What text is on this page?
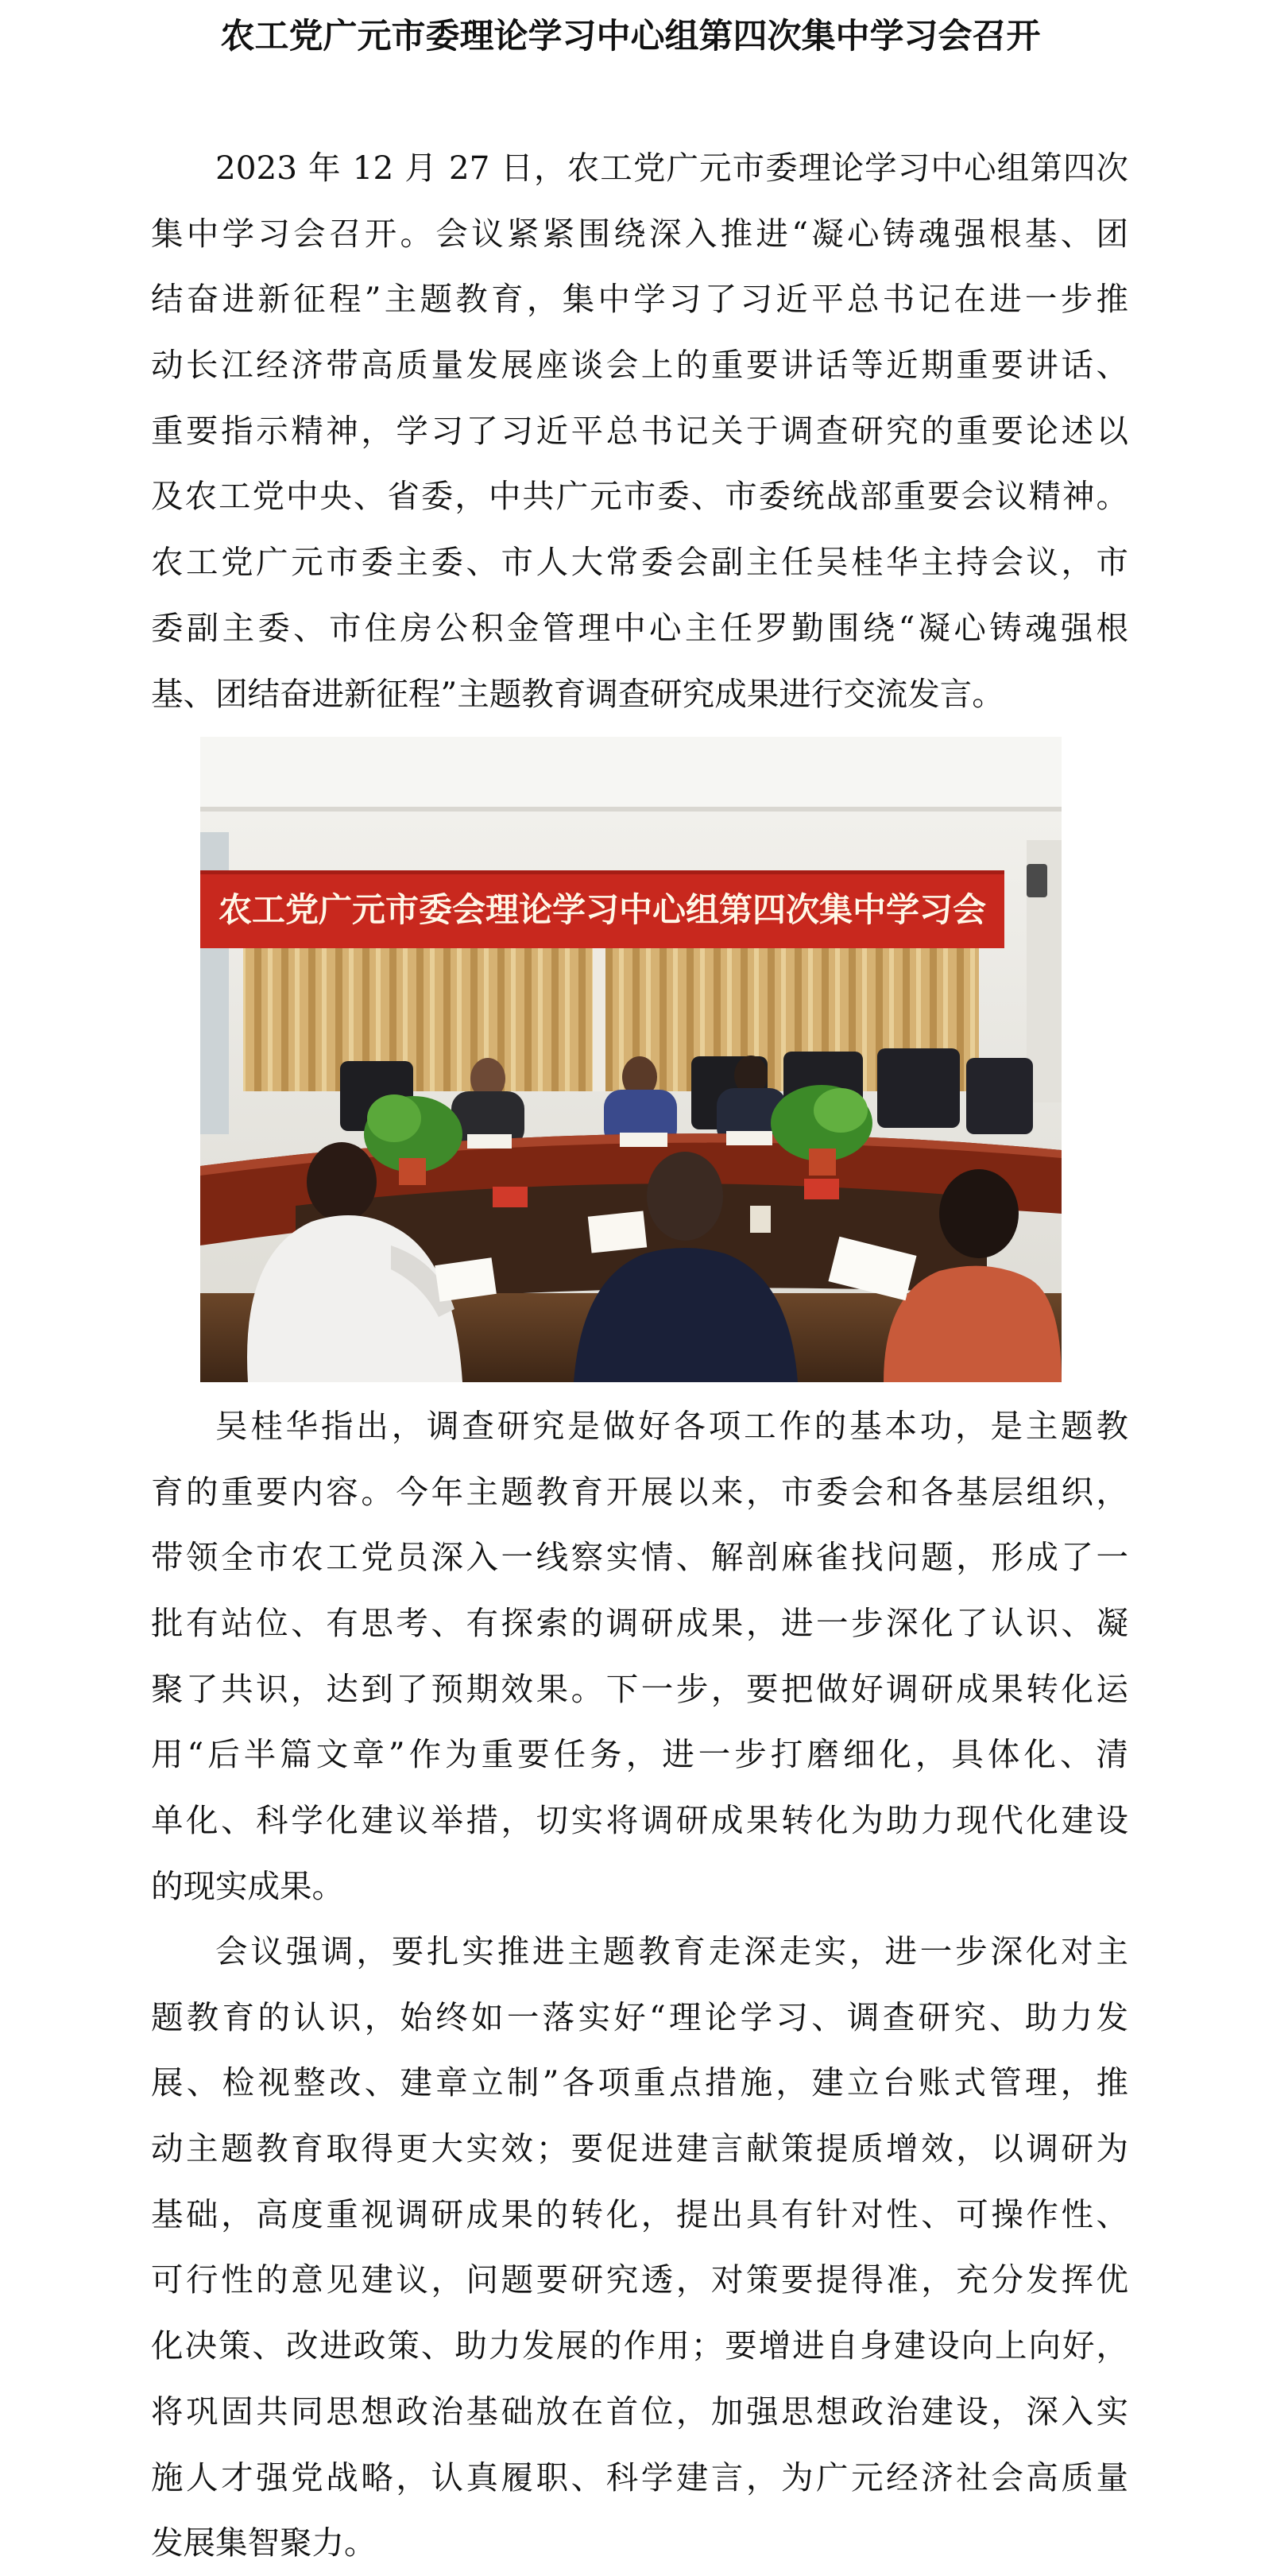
农工党广元市委理论学习中心组第四次集中学习会召开
2023 年 12 月 27 日，农工党广元市委理论学习中心组第四次
集中学习会召开。会议紧紧围绕深入推进“凝心铸魂强根基、团
结奋进新征程”主题教育，集中学习了习近平总书记在进一步推
动长江经济带高质量发展座谈会上的重要讲话等近期重要讲话、
重要指示精神，学习了习近平总书记关于调查研究的重要论述以
及农工党中央、省委，中共广元市委、市委统战部重要会议精神。
农工党广元市委主委、市人大常委会副主任吴桂华主持会议，市
委副主委、市住房公积金管理中心主任罗勤围绕“凝心铸魂强根
基、团结奋进新征程”主题教育调查研究成果进行交流发言。
农工党广元市委会理论学习中心组第四次集中学习会
吴桂华指出，调查研究是做好各项工作的基本功，是主题教
育的重要内容。今年主题教育开展以来，市委会和各基层组织，
带领全市农工党员深入一线察实情、解剖麻雀找问题，形成了一
批有站位、有思考、有探索的调研成果，进一步深化了认识、凝
聚了共识，达到了预期效果。下一步，要把做好调研成果转化运
用“后半篇文章”作为重要任务，进一步打磨细化，具体化、清
单化、科学化建议举措，切实将调研成果转化为助力现代化建设
的现实成果。
会议强调，要扎实推进主题教育走深走实，进一步深化对主
题教育的认识，始终如一落实好“理论学习、调查研究、助力发
展、检视整改、建章立制”各项重点措施，建立台账式管理，推
动主题教育取得更大实效；要促进建言献策提质增效，以调研为
基础，高度重视调研成果的转化，提出具有针对性、可操作性、
可行性的意见建议，问题要研究透，对策要提得准，充分发挥优
化决策、改进政策、助力发展的作用；要增进自身建设向上向好，
将巩固共同思想政治基础放在首位，加强思想政治建设，深入实
施人才强党战略，认真履职、科学建言，为广元经济社会高质量
发展集智聚力。
